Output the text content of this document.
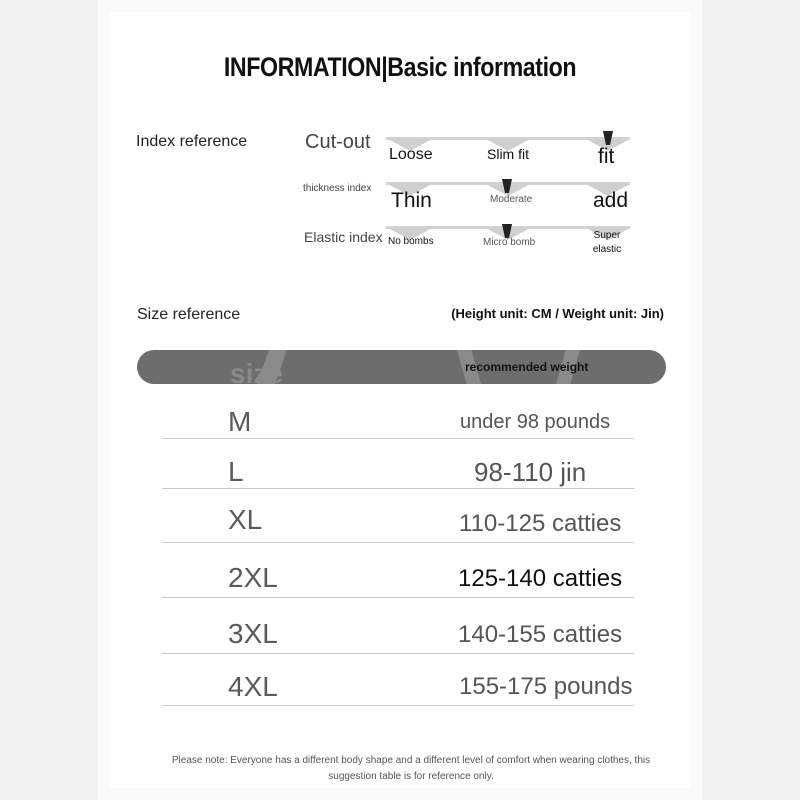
INFORMATION|Basic information
Index reference	Cut-out
Loose	Slim fit	fit
thickness index
Thin	Moderate	add
Elastic index No bombs	Micro bomb
Super elastic
Size reference	(Height unit: CM / Weight unit: Jin)
size	recommended weight
M	under 98 pounds
L	98-110 jin
XL	110-125 catties
2XL	125-140 catties
3XL	140-155 catties
4XL	155-175 pounds
Please note: Everyone has a different body shape and a different level of comfort when wearing clothes, this suggestion table is for reference only.
